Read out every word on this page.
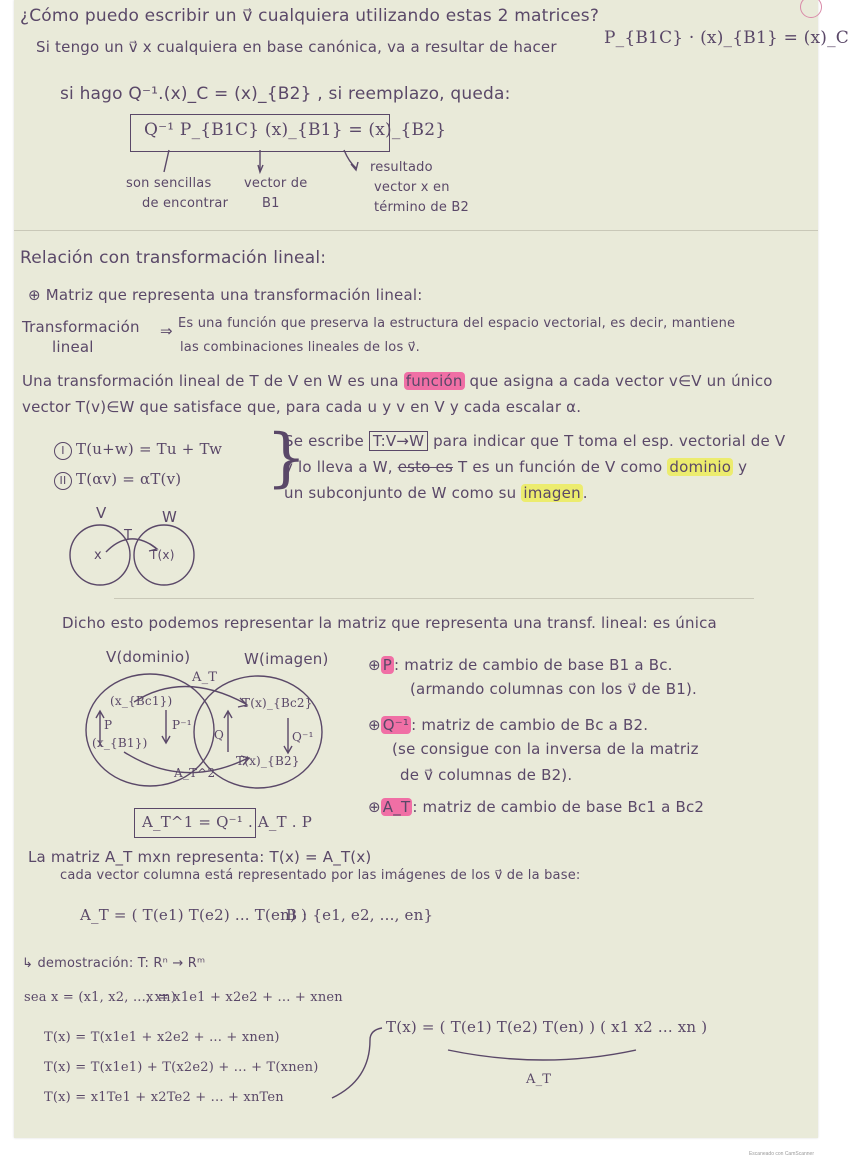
¿Cómo puedo escribir un v⃗ cualquiera utilizando estas 2 matrices?
Si tengo un v⃗ x cualquiera en base canónica, va a resultar de hacer	P_{B1C} · (x)_{B1} = (x)_C
si hago Q⁻¹.(x)_C = (x)_{B2} , si reemplazo, queda:
Q⁻¹ P_{B1C} (x)_{B1} = (x)_{B2}
son sencillas
de encontrar
vector de
B1
resultado
vector x en
término de B2
Relación con transformación lineal:
⊕ Matriz que representa una transformación lineal:
Transformación
lineal
⇒ Es una función que preserva la estructura del espacio vectorial, es decir, mantiene
las combinaciones lineales de los v⃗.
Una transformación lineal de T de V en W es una función que asigna a cada vector v∈V un único
vector T(v)∈W que satisface que, para cada u y v en V y cada escalar α.
I T(u+w) = Tu + Tw
II T(αv) = αT(v) }
Se escribe T:V→W para indicar que T toma el esp. vectorial de V
y lo lleva a W, esto es T es un función de V como dominio y
un subconjunto de W como su imagen .
V	W
T
x	T(x)
Dicho esto podemos representar la matriz que representa una transf. lineal: es única
V(dominio)	W(imagen)
A_T
(x_{Bc1})
(x_{B1})
P	P⁻¹
Q	Q⁻¹
T(x)_{Bc2}
T(x)_{B2}
A_T^2
A_T^1 = Q⁻¹ . A_T . P
⊕ P : matriz de cambio de base B1 a Bc.
(armando columnas con los v⃗ de B1).
⊕ Q⁻¹ : matriz de cambio de Bc a B2.
(se consigue con la inversa de la matriz
de v⃗ columnas de B2).
⊕ A_T : matriz de cambio de base Bc1 a Bc2
La matriz A_T mxn representa: T(x) = A_T(x)
cada vector columna está representado por las imágenes de los v⃗ de la base:
A_T = ( T(e1) T(e2) ... T(en) )
B : {e1, e2, ..., en}
↳ demostración: T: Rⁿ → Rᵐ
sea x = (x1, x2, ..., xn)
x = x1e1 + x2e2 + ... + xnen
T(x) = T(x1e1 + x2e2 + ... + xnen)
T(x) = T(x1e1) + T(x2e2) + ... + T(xnen)
T(x) = x1Te1 + x2Te2 + ... + xnTen
T(x) = ( T(e1) T(e2) T(en) ) ( x1 x2 ... xn )
A_T
Escaneado con CamScanner
